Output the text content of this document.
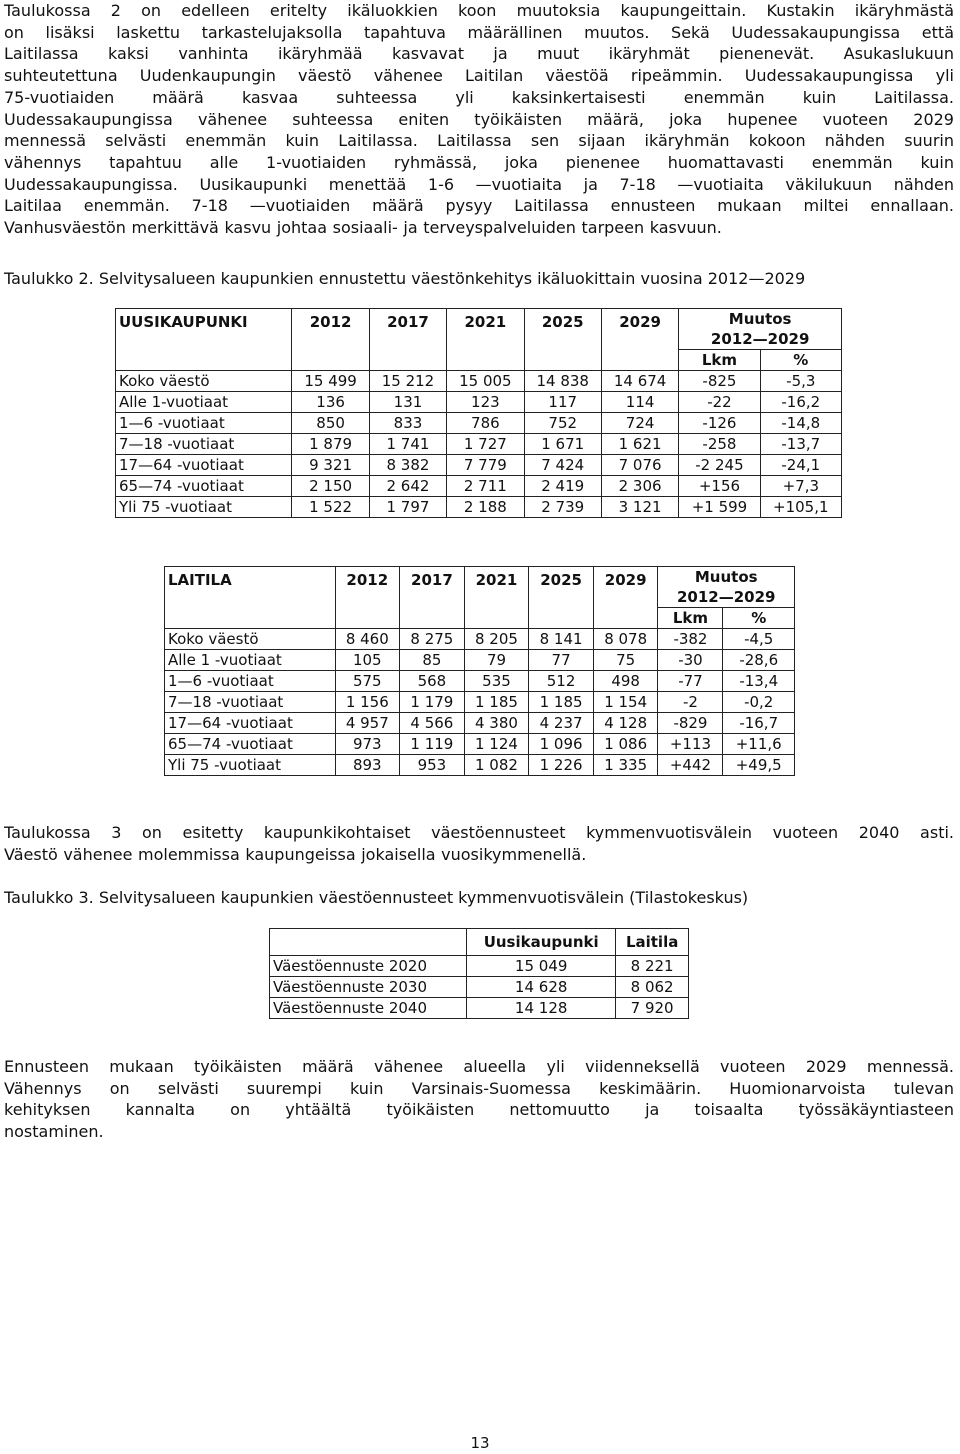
Taulukossa 2 on edelleen eritelty ikäluokkien koon muutoksia kaupungeittain. Kustakin ikäryhmästä
on lisäksi laskettu tarkastelujaksolla tapahtuva määrällinen muutos. Sekä Uudessakaupungissa että
Laitilassa kaksi vanhinta ikäryhmää kasvavat ja muut ikäryhmät pienenevät. Asukaslukuun
suhteutettuna Uudenkaupungin väestö vähenee Laitilan väestöä ripeämmin. Uudessakaupungissa yli
75-vuotiaiden määrä kasvaa suhteessa yli kaksinkertaisesti enemmän kuin Laitilassa.
Uudessakaupungissa vähenee suhteessa eniten työikäisten määrä, joka hupenee vuoteen 2029
mennessä selvästi enemmän kuin Laitilassa. Laitilassa sen sijaan ikäryhmän kokoon nähden suurin
vähennys tapahtuu alle 1-vuotiaiden ryhmässä, joka pienenee huomattavasti enemmän kuin
Uudessakaupungissa. Uusikaupunki menettää 1-6 —vuotiaita ja 7-18 —vuotiaita väkilukuun nähden
Laitilaa enemmän. 7-18 —vuotiaiden määrä pysyy Laitilassa ennusteen mukaan miltei ennallaan.
Vanhusväestön merkittävä kasvu johtaa sosiaali- ja terveyspalveluiden tarpeen kasvuun.

Taulukko 2. Selvitysalueen kaupunkien ennustettu väestönkehitys ikäluokittain vuosina 2012—2029

UUSIKAUPUNKI	2012	2017	2021	2025	2029	Muutos	
						2012—2029	
						Lkm	%
Koko väestö	15 499	15 212	15 005	14 838	14 674	-825	-5,3
Alle 1-vuotiaat	136	131	123	117	114	-22	-16,2
1—6 -vuotiaat	850	833	786	752	724	-126	-14,8
7—18 -vuotiaat	1 879	1 741	1 727	1 671	1 621	-258	-13,7
17—64 -vuotiaat	9 321	8 382	7 779	7 424	7 076	-2 245	-24,1
65—74 -vuotiaat	2 150	2 642	2 711	2 419	2 306	+156	+7,3
Yli 75 -vuotiaat	1 522	1 797	2 188	2 739	3 121	+1 599	+105,1
LAITILA	2012	2017	2021	2025	2029	Muutos	
						2012—2029	
						Lkm	%
Koko väestö	8 460	8 275	8 205	8 141	8 078	-382	-4,5
Alle 1 -vuotiaat	105	85	79	77	75	-30	-28,6
1—6 -vuotiaat	575	568	535	512	498	-77	-13,4
7—18 -vuotiaat	1 156	1 179	1 185	1 185	1 154	-2	-0,2
17—64 -vuotiaat	4 957	4 566	4 380	4 237	4 128	-829	-16,7
65—74 -vuotiaat	973	1 119	1 124	1 096	1 086	+113	+11,6
Yli 75 -vuotiaat	893	953	1 082	1 226	1 335	+442	+49,5
Taulukossa 3 on esitetty kaupunkikohtaiset väestöennusteet kymmenvuotisvälein vuoteen 2040 asti.
Väestö vähenee molemmissa kaupungeissa jokaisella vuosikymmenellä.

Taulukko 3. Selvitysalueen kaupunkien väestöennusteet kymmenvuotisvälein (Tilastokeskus)

	Uusikaupunki	Laitila
Väestöennuste 2020	15 049	8 221
Väestöennuste 2030	14 628	8 062
Väestöennuste 2040	14 128	7 920
Ennusteen mukaan työikäisten määrä vähenee alueella yli viidenneksellä vuoteen 2029 mennessä.
Vähennys on selvästi suurempi kuin Varsinais-Suomessa keskimäärin. Huomionarvoista tulevan
kehityksen kannalta on yhtäältä työikäisten nettomuutto ja toisaalta työssäkäyntiasteen
nostaminen.
13
